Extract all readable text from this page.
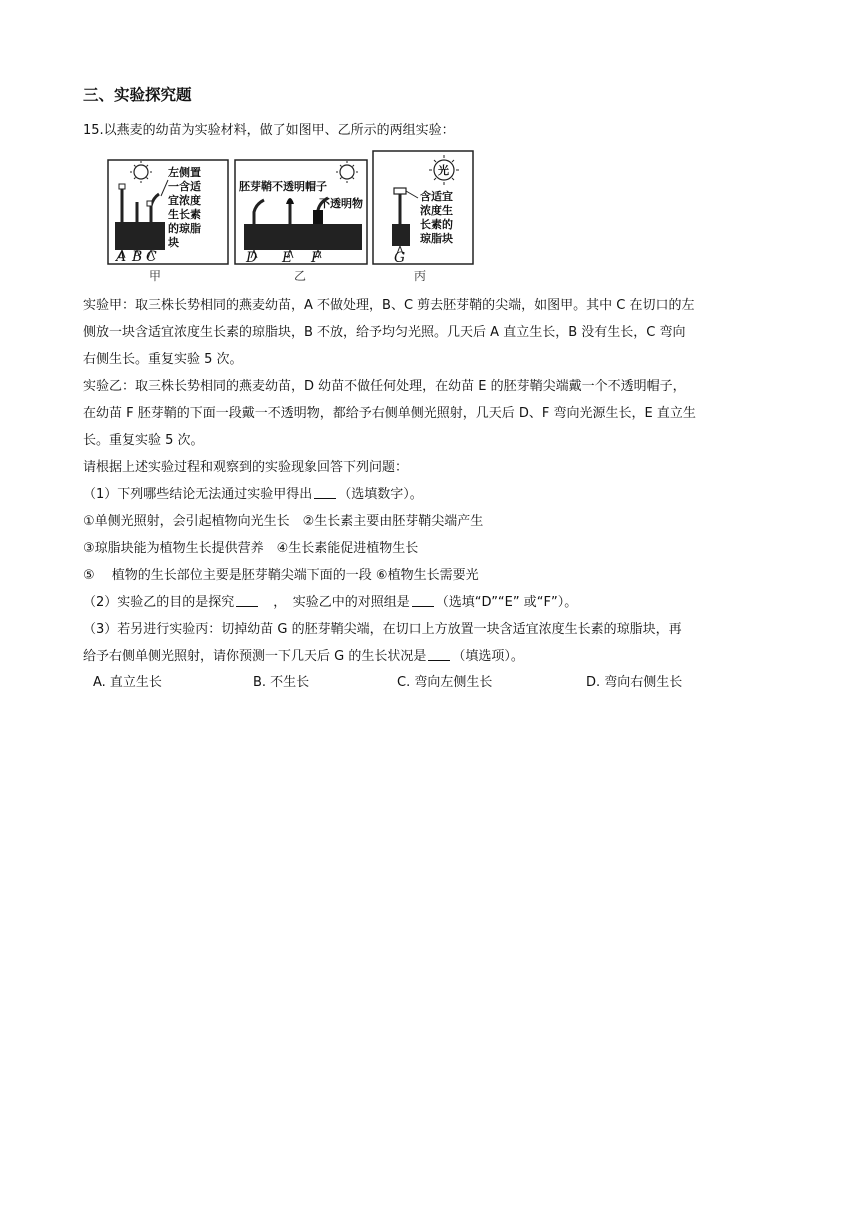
三、实验探究题
15.以燕麦的幼苗为实验材料，做了如图甲、乙所示的两组实验：
A B C
左侧置
一含适
宜浓度
生长素
的琼脂
块
甲
胚芽鞘不透明帽子
不透明物
D E F
乙
光
含适宜
浓度生
长素的
琼脂块
G
丙
实验甲：取三株长势相同的燕麦幼苗，A 不做处理，B、C 剪去胚芽鞘的尖端，如图甲。其中 C 在切口的左
侧放一块含适宜浓度生长素的琼脂块，B 不放，给予均匀光照。几天后 A 直立生长，B 没有生长，C 弯向
右侧生长。重复实验 5 次。
实验乙：取三株长势相同的燕麦幼苗，D 幼苗不做任何处理，在幼苗 E 的胚芽鞘尖端戴一个不透明帽子，
在幼苗 F 胚芽鞘的下面一段戴一不透明物，都给予右侧单侧光照射，几天后 D、F 弯向光源生长，E 直立生
长。重复实验 5 次。
请根据上述实验过程和观察到的实验现象回答下列问题：
（1）下列哪些结论无法通过实验甲得出 （选填数字）。
①单侧光照射，会引起植物向光生长　②生长素主要由胚芽鞘尖端产生
③琼脂块能为植物生长提供营养　④生长素能促进植物生长
⑤　 植物的生长部位主要是胚芽鞘尖端下面的一段 ⑥植物生长需要光
（2）实验乙的目的是探究　，　实验乙中的对照组是 （选填“D”“E” 或“F”）。
（3）若另进行实验丙：切掉幼苗 G 的胚芽鞘尖端，在切口上方放置一块含适宜浓度生长素的琼脂块，再
给予右侧单侧光照射，请你预测一下几天后 G 的生长状况是 （填选项）。
A. 直立生长	B. 不生长	C. 弯向左侧生长	D. 弯向右侧生长
